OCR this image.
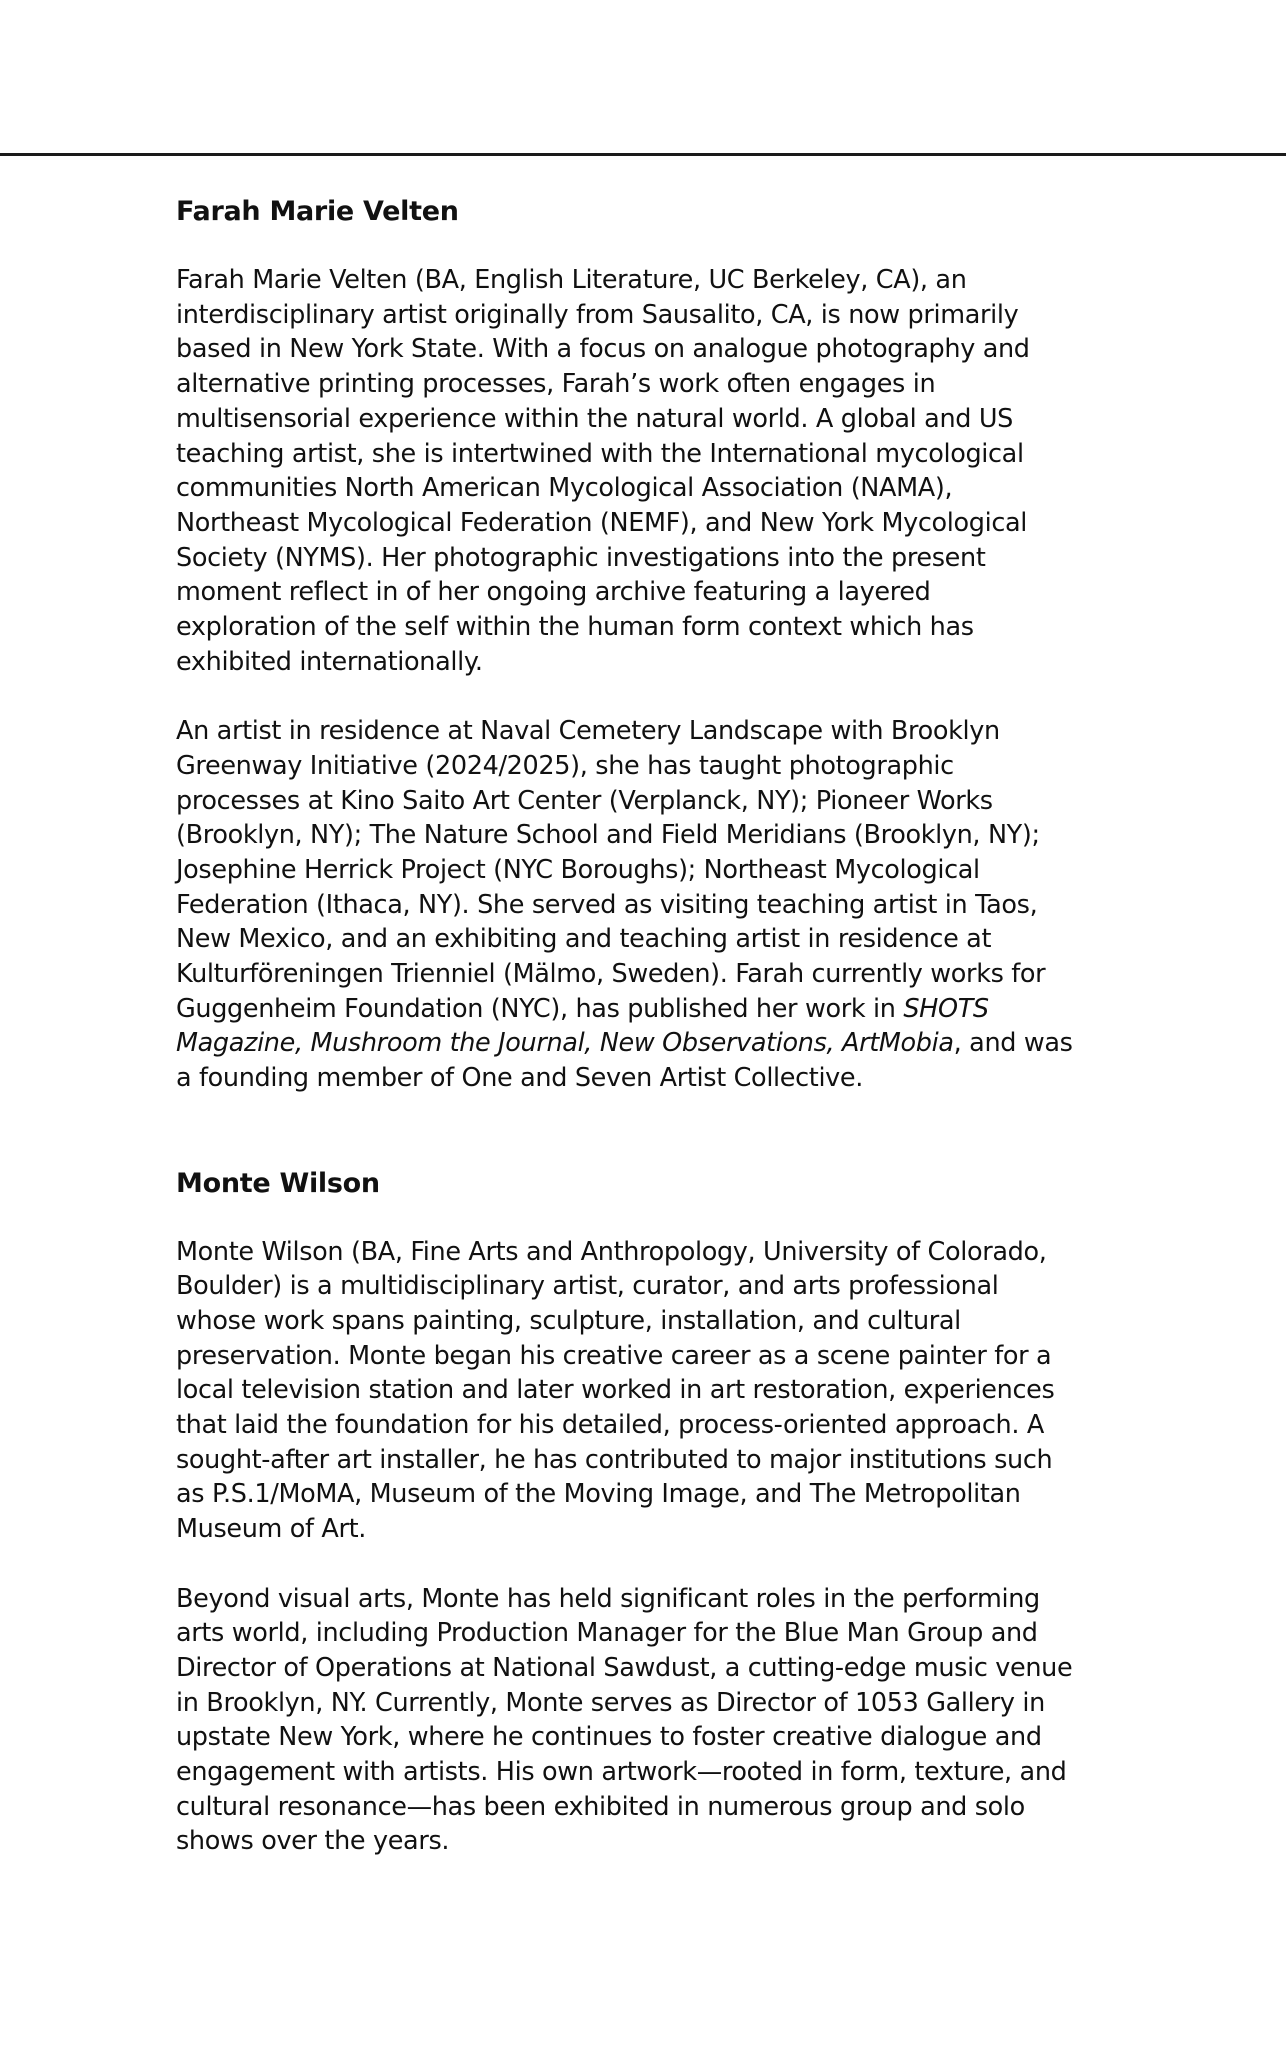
Farah Marie Velten

Farah Marie Velten (BA, English Literature, UC Berkeley, CA), an interdisciplinary artist originally from Sausalito, CA, is now primarily based in New York State. With a focus on analogue photography and alternative printing processes, Farah’s work often engages in multisensorial experience within the natural world. A global and US teaching artist, she is intertwined with the International mycological communities North American Mycological Association (NAMA), Northeast Mycological Federation (NEMF), and New York Mycological Society (NYMS). Her photographic investigations into the present moment reflect in of her ongoing archive featuring a layered exploration of the self within the human form context which has exhibited internationally.

An artist in residence at Naval Cemetery Landscape with Brooklyn Greenway Initiative (2024/2025), she has taught photographic processes at Kino Saito Art Center (Verplanck, NY); Pioneer Works (Brooklyn, NY); The Nature School and Field Meridians (Brooklyn, NY); Josephine Herrick Project (NYC Boroughs); Northeast Mycological Federation (Ithaca, NY). She served as visiting teaching artist in Taos, New Mexico, and an exhibiting and teaching artist in residence at Kulturföreningen Trienniel (Mälmo, Sweden). Farah currently works for Guggenheim Foundation (NYC), has published her work in SHOTS Magazine, Mushroom the Journal, New Observations, ArtMobia, and was a founding member of One and Seven Artist Collective.

Monte Wilson

Monte Wilson (BA, Fine Arts and Anthropology, University of Colorado, Boulder) is a multidisciplinary artist, curator, and arts professional whose work spans painting, sculpture, installation, and cultural preservation. Monte began his creative career as a scene painter for a local television station and later worked in art restoration, experiences that laid the foundation for his detailed, process-oriented approach. A sought-after art installer, he has contributed to major institutions such as P.S.1/MoMA, Museum of the Moving Image, and The Metropolitan Museum of Art.

Beyond visual arts, Monte has held significant roles in the performing arts world, including Production Manager for the Blue Man Group and Director of Operations at National Sawdust, a cutting-edge music venue in Brooklyn, NY. Currently, Monte serves as Director of 1053 Gallery in upstate New York, where he continues to foster creative dialogue and engagement with artists. His own artwork—rooted in form, texture, and cultural resonance—has been exhibited in numerous group and solo shows over the years.
